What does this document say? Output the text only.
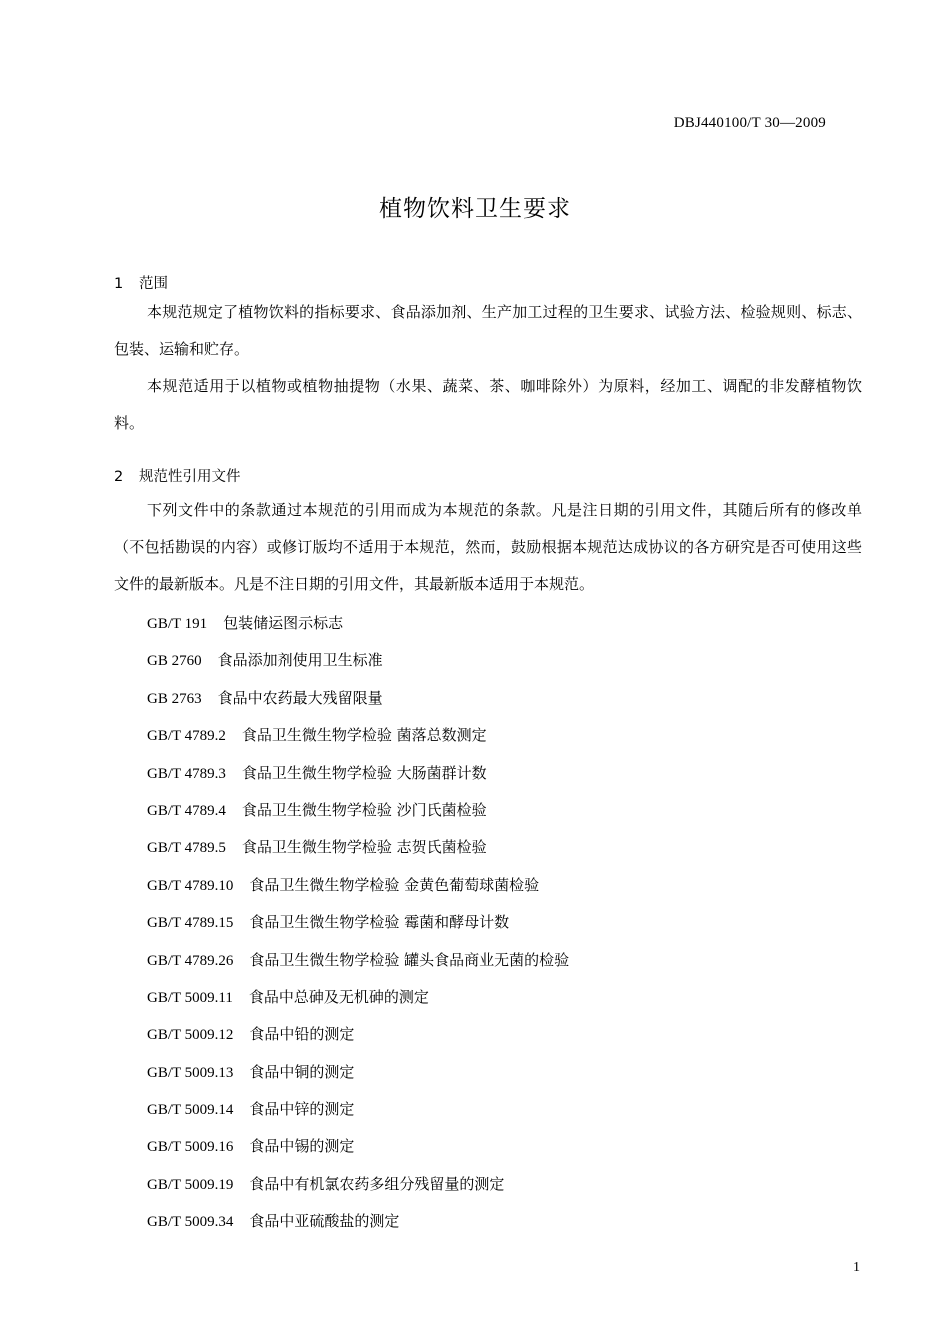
DBJ440100/T 30—2009
植物饮料卫生要求
1 范围

本规范规定了植物饮料的指标要求、食品添加剂、生产加工过程的卫生要求、试验方法、检验规则、标志、包装、运输和贮存。

本规范适用于以植物或植物抽提物（水果、蔬菜、茶、咖啡除外）为原料，经加工、调配的非发酵植物饮料。

2 规范性引用文件

下列文件中的条款通过本规范的引用而成为本规范的条款。凡是注日期的引用文件，其随后所有的修改单（不包括勘误的内容）或修订版均不适用于本规范，然而，鼓励根据本规范达成协议的各方研究是否可使用这些文件的最新版本。凡是不注日期的引用文件，其最新版本适用于本规范。

GB/T 191 包装储运图示标志
GB 2760 食品添加剂使用卫生标准
GB 2763 食品中农药最大残留限量
GB/T 4789.2 食品卫生微生物学检验 菌落总数测定
GB/T 4789.3 食品卫生微生物学检验 大肠菌群计数
GB/T 4789.4 食品卫生微生物学检验 沙门氏菌检验
GB/T 4789.5 食品卫生微生物学检验 志贺氏菌检验
GB/T 4789.10 食品卫生微生物学检验 金黄色葡萄球菌检验
GB/T 4789.15 食品卫生微生物学检验 霉菌和酵母计数
GB/T 4789.26 食品卫生微生物学检验 罐头食品商业无菌的检验
GB/T 5009.11 食品中总砷及无机砷的测定
GB/T 5009.12 食品中铅的测定
GB/T 5009.13 食品中铜的测定
GB/T 5009.14 食品中锌的测定
GB/T 5009.16 食品中锡的测定
GB/T 5009.19 食品中有机氯农药多组分残留量的测定
GB/T 5009.34 食品中亚硫酸盐的测定
1
